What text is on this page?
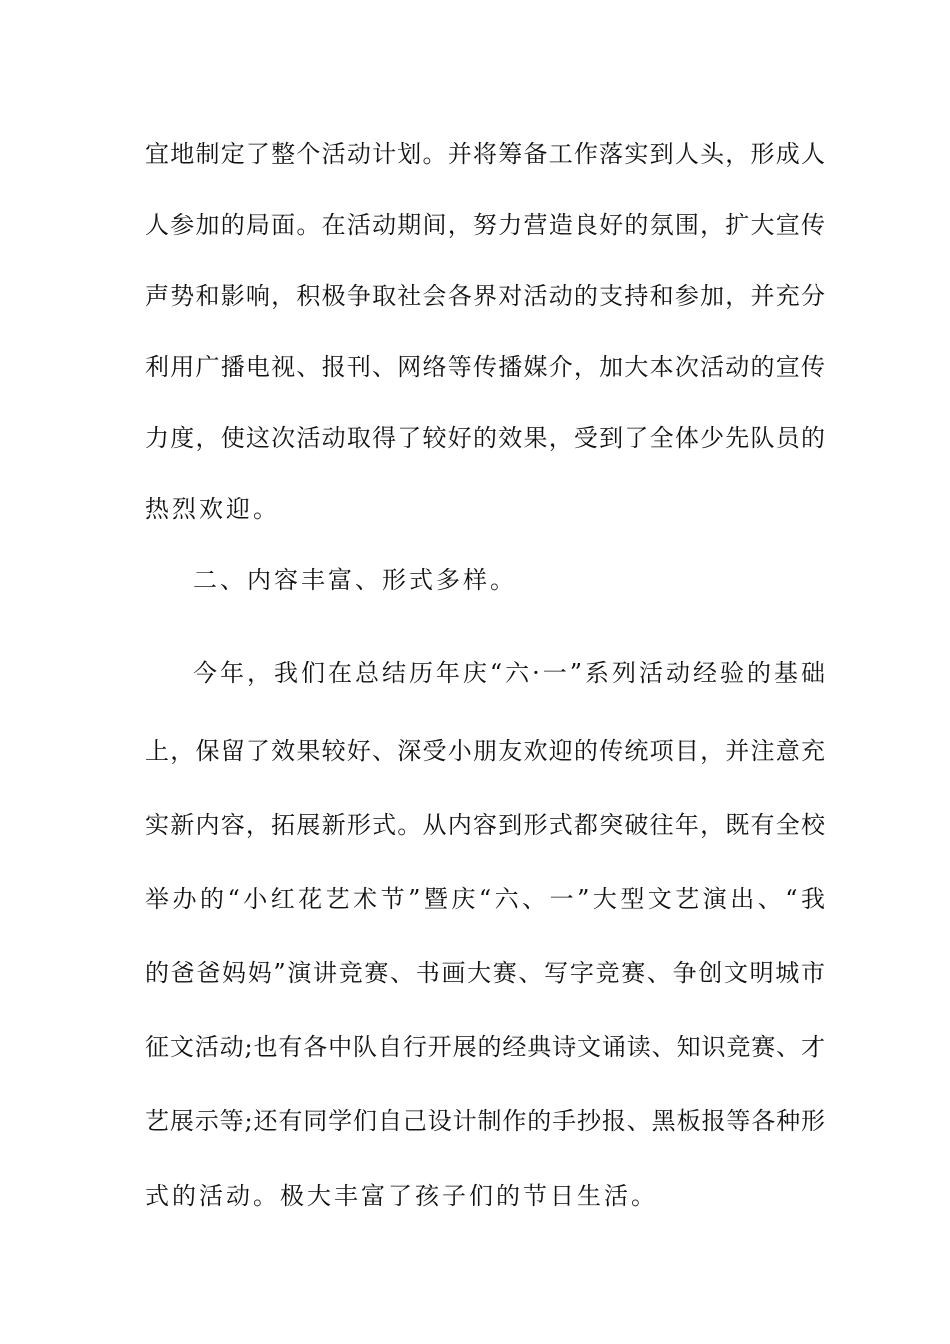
宜地制定了整个活动计划。并将筹备工作落实到人头，形成人
人参加的局面。在活动期间，努力营造良好的氛围，扩大宣传
声势和影响，积极争取社会各界对活动的支持和参加，并充分
利用广播电视、报刊、网络等传播媒介，加大本次活动的宣传
力度，使这次活动取得了较好的效果，受到了全体少先队员的
热烈欢迎。
二、内容丰富、形式多样。
今年，我们在总结历年庆“六·一”系列活动经验的基础
上，保留了效果较好、深受小朋友欢迎的传统项目，并注意充
实新内容，拓展新形式。从内容到形式都突破往年，既有全校
举办的“小红花艺术节”暨庆“六、一”大型文艺演出、“我
的爸爸妈妈”演讲竞赛、书画大赛、写字竞赛、争创文明城市
征文活动;也有各中队自行开展的经典诗文诵读、知识竞赛、才
艺展示等;还有同学们自己设计制作的手抄报、黑板报等各种形
式的活动。极大丰富了孩子们的节日生活。
